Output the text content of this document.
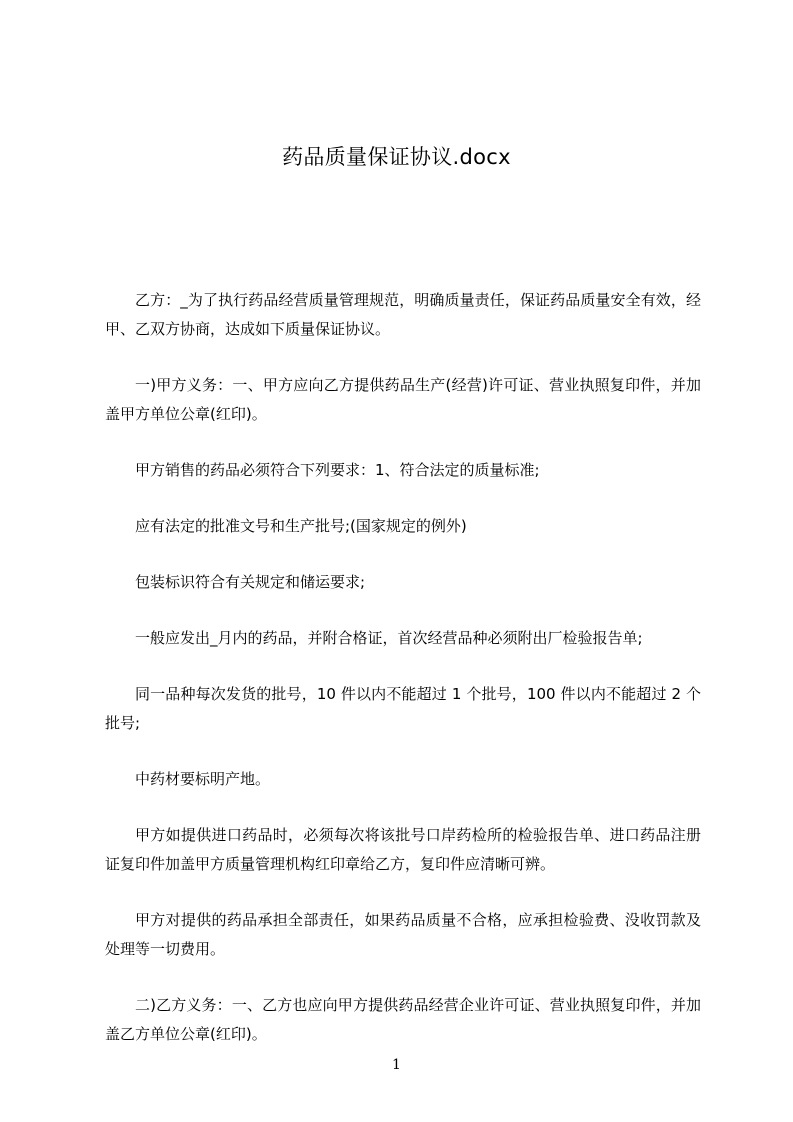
药品质量保证协议.docx

乙方：_为了执行药品经营质量管理规范，明确质量责任，保证药品质量安全有效，经甲、乙双方协商，达成如下质量保证协议。

一)甲方义务：一、甲方应向乙方提供药品生产(经营)许可证、营业执照复印件，并加盖甲方单位公章(红印)。

甲方销售的药品必须符合下列要求：1、符合法定的质量标准;

应有法定的批准文号和生产批号;(国家规定的例外)

包装标识符合有关规定和储运要求;

一般应发出_月内的药品，并附合格证，首次经营品种必须附出厂检验报告单;

同一品种每次发货的批号，10 件以内不能超过 1 个批号，100 件以内不能超过 2 个批号;

中药材要标明产地。

甲方如提供进口药品时，必须每次将该批号口岸药检所的检验报告单、进口药品注册证复印件加盖甲方质量管理机构红印章给乙方，复印件应清晰可辨。

甲方对提供的药品承担全部责任，如果药品质量不合格，应承担检验费、没收罚款及处理等一切费用。

二)乙方义务：一、乙方也应向甲方提供药品经营企业许可证、营业执照复印件，并加盖乙方单位公章(红印)。

1
